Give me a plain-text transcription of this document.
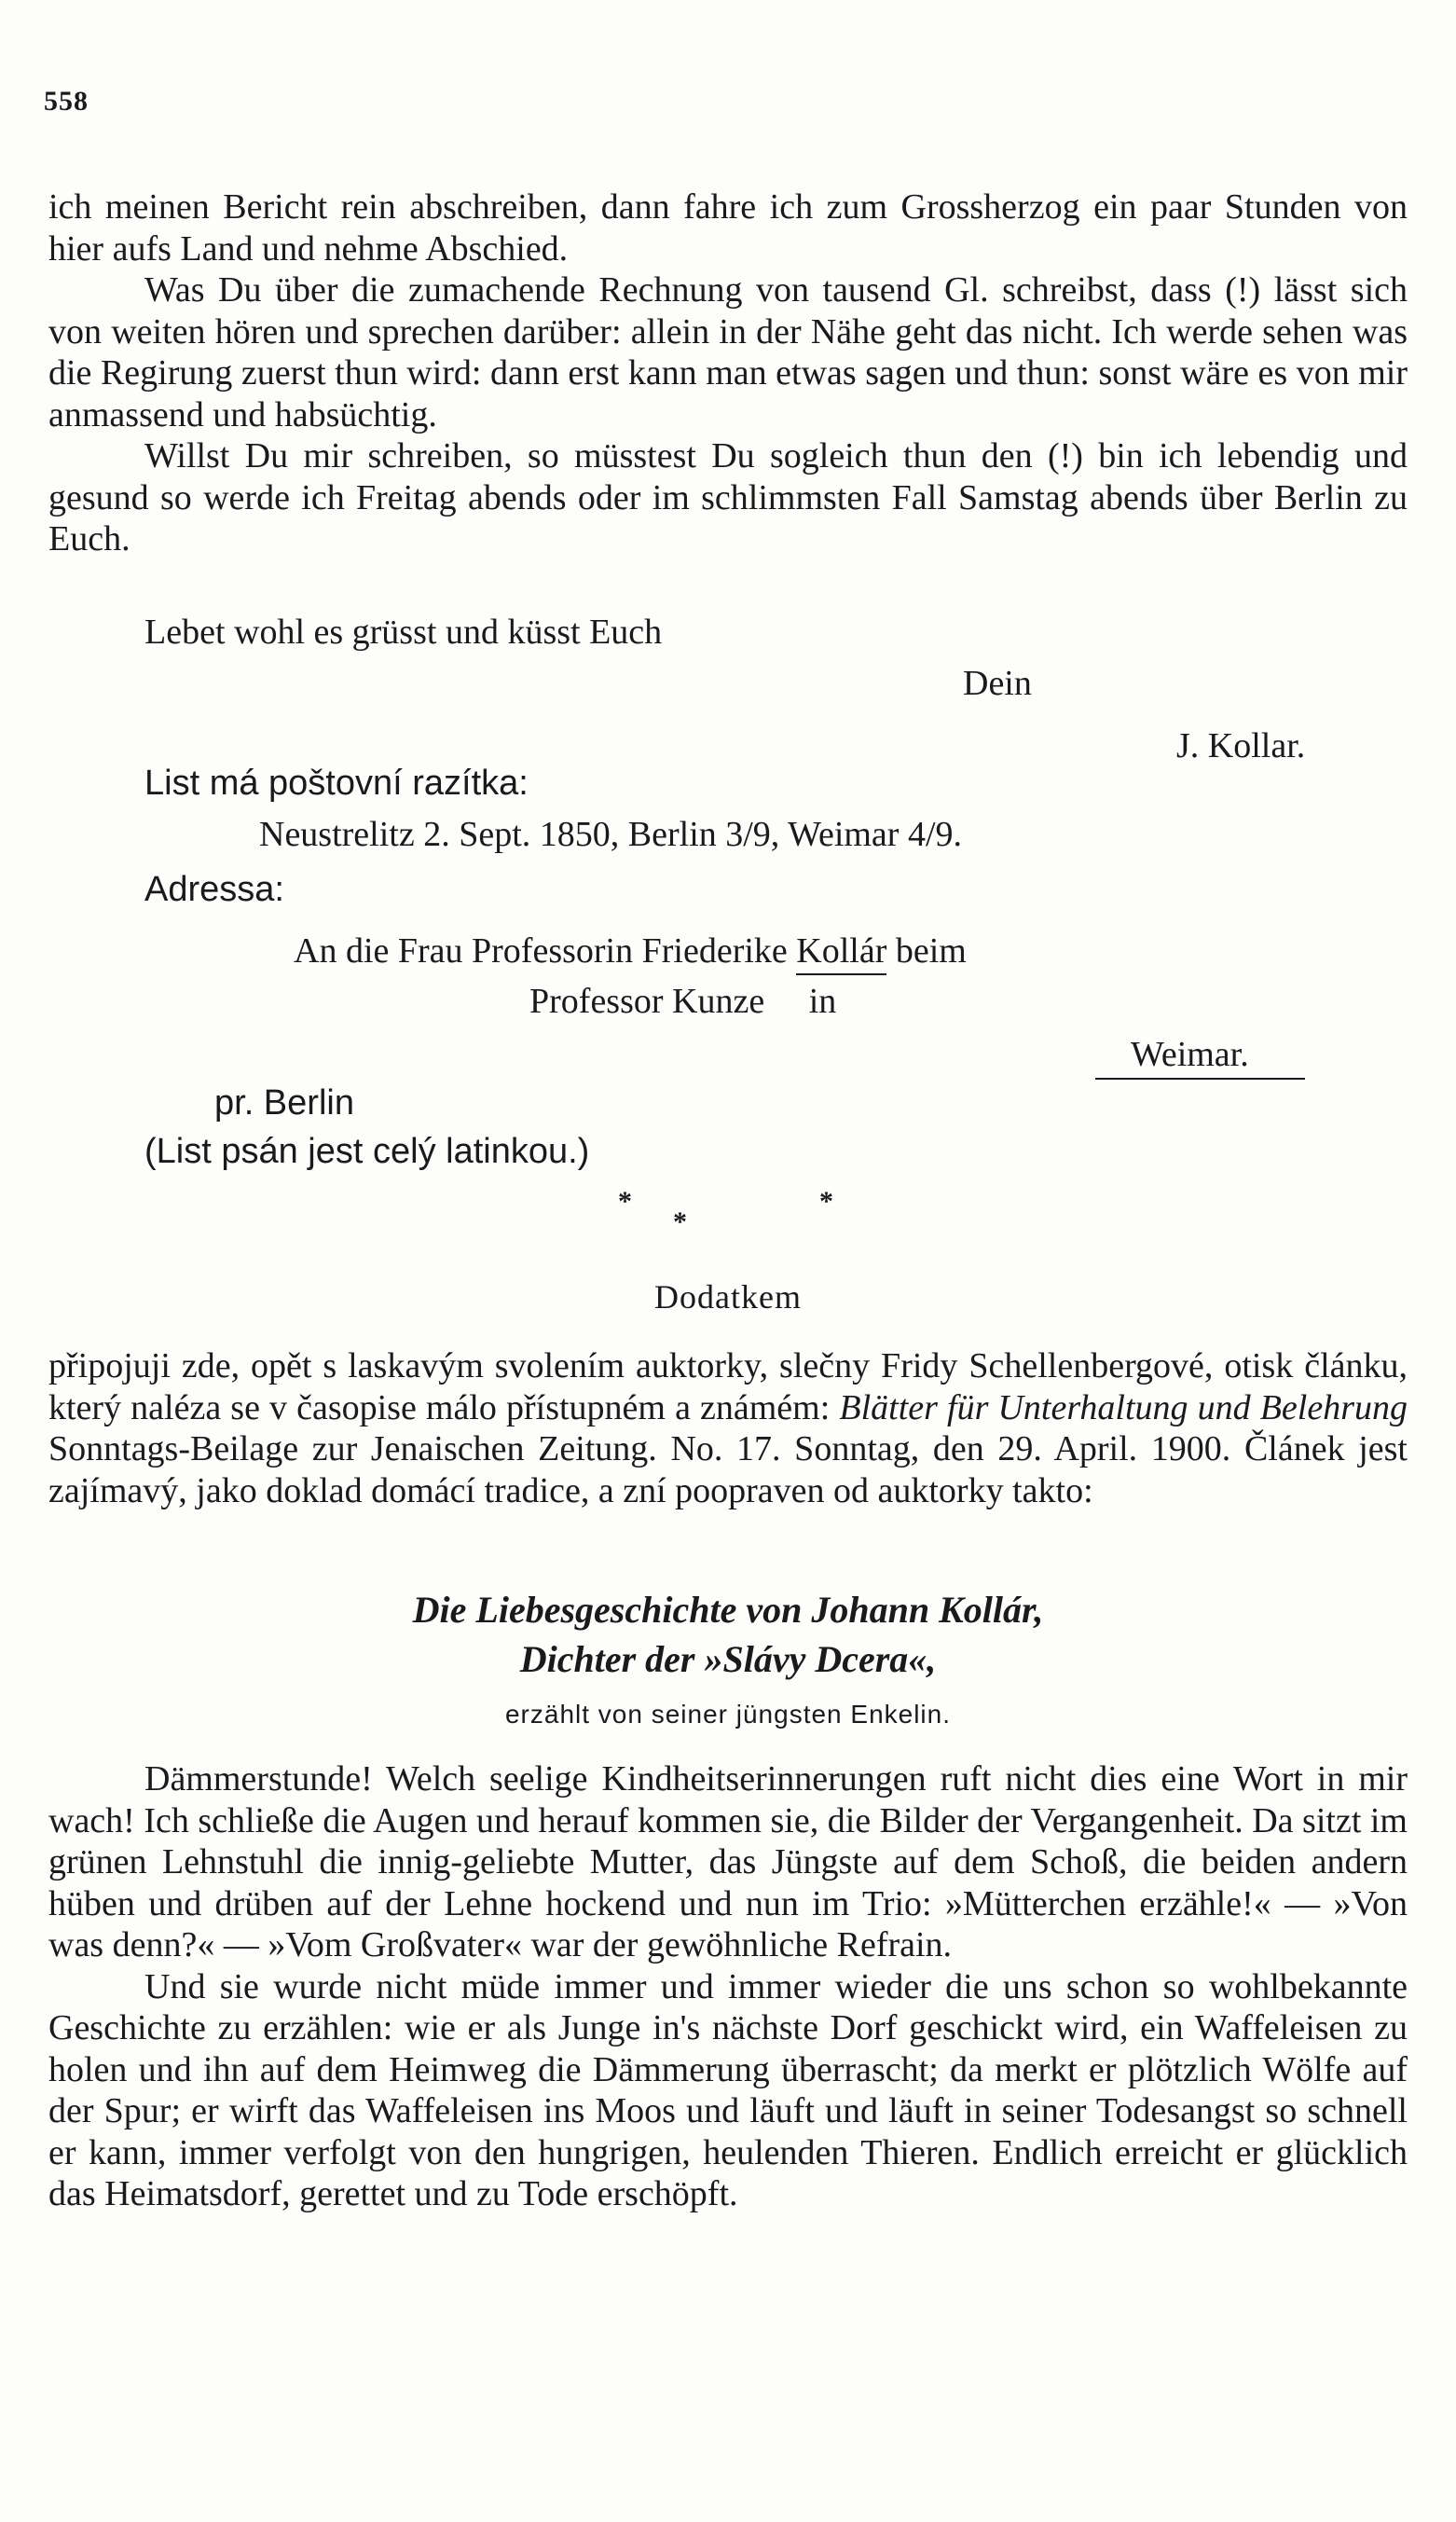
558

ich meinen Bericht rein abschreiben, dann fahre ich zum Grossherzog ein paar Stunden von hier aufs Land und nehme Abschied.

Was Du über die zumachende Rechnung von tausend Gl. schreibst, dass (!) lässt sich von weiten hören und sprechen darüber: allein in der Nähe geht das nicht. Ich werde sehen was die Regirung zuerst thun wird: dann erst kann man etwas sagen und thun: sonst wäre es von mir anmassend und habsüchtig.

Willst Du mir schreiben, so müsstest Du sogleich thun den (!) bin ich lebendig und gesund so werde ich Freitag abends oder im schlimmsten Fall Samstag abends über Berlin zu Euch.

Lebet wohl es grüsst und küsst Euch
Dein
J. Kollar.
List má poštovní razítka:
Neustrelitz 2. Sept. 1850, Berlin 3/9, Weimar 4/9.
Adressa:
An die Frau Professorin Friederike Kollár beim
Professor Kunze     in
Weimar.
pr. Berlin
(List psán jest celý latinkou.)
*	*
*
Dodatkem

připojuji zde, opět s laskavým svolením auktorky, slečny Fridy Schellenbergové, otisk článku, který naléza se v časopise málo přístupném a známém: Blätter für Unterhaltung und Belehrung Sonntags-Beilage zur Jenaischen Zeitung. No. 17. Sonntag, den 29. April. 1900. Článek jest zajímavý, jako doklad domácí tradice, a zní poopraven od auktorky takto:

Die Liebesgeschichte von Johann Kollár,
Dichter der »Slávy Dcera«,
erzählt von seiner jüngsten Enkelin.

Dämmerstunde! Welch seelige Kindheitserinnerungen ruft nicht dies eine Wort in mir wach! Ich schließe die Augen und herauf kommen sie, die Bilder der Vergangenheit. Da sitzt im grünen Lehnstuhl die innig-geliebte Mutter, das Jüngste auf dem Schoß, die beiden andern hüben und drüben auf der Lehne hockend und nun im Trio: »Mütterchen erzähle!« — »Von was denn?« — »Vom Großvater« war der gewöhnliche Refrain.

Und sie wurde nicht müde immer und immer wieder die uns schon so wohlbekannte Geschichte zu erzählen: wie er als Junge in's nächste Dorf geschickt wird, ein Waffeleisen zu holen und ihn auf dem Heimweg die Dämmerung überrascht; da merkt er plötzlich Wölfe auf der Spur; er wirft das Waffeleisen ins Moos und läuft und läuft in seiner Todesangst so schnell er kann, immer verfolgt von den hungrigen, heulenden Thieren. Endlich erreicht er glücklich das Heimatsdorf, gerettet und zu Tode erschöpft.
